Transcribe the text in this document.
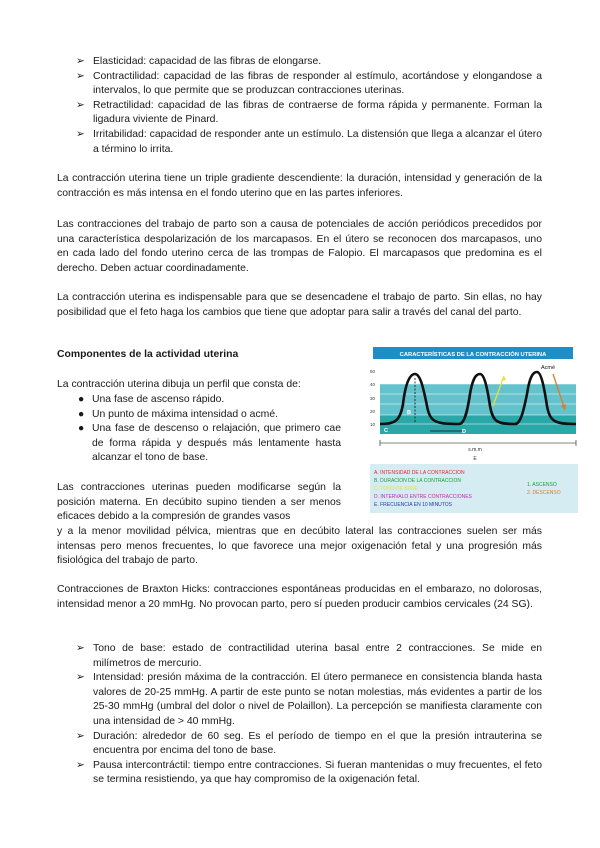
➢ Elasticidad: capacidad de las fibras de elongarse.
➢ Contractilidad: capacidad de las fibras de responder al estímulo, acortándose y elongandose a intervalos, lo que permite que se produzcan contracciones uterinas.
➢ Retractilidad: capacidad de las fibras de contraerse de forma rápida y permanente. Forman la ligadura viviente de Pinard.
➢ Irritabilidad: capacidad de responder ante un estímulo. La distensión que llega a alcanzar el útero a término lo irrita.

La contracción uterina tiene un triple gradiente descendiente: la duración, intensidad y generación de la contracción es más intensa en el fondo uterino que en las partes inferiores.

Las contracciones del trabajo de parto son a causa de potenciales de acción periódicos precedidos por una característica despolarización de los marcapasos. En el útero se reconocen dos marcapasos, uno en cada lado del fondo uterino cerca de las trompas de Falopio. El marcapasos que predomina es el derecho. Deben actuar coordinadamente.

La contracción uterina es indispensable para que se desencadene el trabajo de parto. Sin ellas, no hay posibilidad que el feto haga los cambios que tiene que adoptar para salir a través del canal del parto.

Componentes de la actividad uterina

La contracción uterina dibuja un perfil que consta de:

● Una fase de ascenso rápido.
● Un punto de máxima intensidad o acmé.
● Una fase de descenso o relajación, que primero cae de forma rápida y después más lentamente hasta alcanzar el tono de base.

Las contracciones uterinas pueden modificarse según la posición materna. En decúbito supino tienden a ser menos eficaces debido a la compresión de grandes vasos

y a la menor movilidad pélvica, mientras que en decúbito lateral las contracciones suelen ser más intensas pero menos frecuentes, lo que favorece una mejor oxigenación fetal y una progresión más fisiológica del trabajo de parto.

Contracciones de Braxton Hicks: contracciones espontáneas producidas en el embarazo, no dolorosas, intensidad menor a 20 mmHg. No provocan parto, pero sí pueden producir cambios cervicales (24 SG).

➢ Tono de base: estado de contractilidad uterina basal entre 2 contracciones. Se mide en milímetros de mercurio.
➢ Intensidad: presión máxima de la contracción. El útero permanece en consistencia blanda hasta valores de 20-25 mmHg. A partir de este punto se notan molestias, más evidentes a partir de los 25-30 mmHg (umbral del dolor o nivel de Polaillon). La percepción se manifiesta claramente con una intensidad de > 40 mmHg.
➢ Duración: alrededor de 60 seg. Es el período de tiempo en el que la presión intrauterina se encuentra por encima del tono de base.
➢ Pausa intercontráctil: tiempo entre contracciones. Si fueran mantenidas o muy frecuentes, el feto se termina resistiendo, ya que hay compromiso de la oxigenación fetal.
CARACTERÍSTICAS DE LA CONTRACCIÓN UTERINA
50
40
30
20
10
A
B
C	D
Acmé
s.m.m
E
A. INTENSIDAD DE LA CONTRACCION
B. DURACION DE LA CONTRACCION
C. TONO DE BASE
D. INTERVALO ENTRE CONTRACCIONES
E. FRECUENCIA EN 10 MINUTOS
1. ASCENSO
2. DESCENSO
